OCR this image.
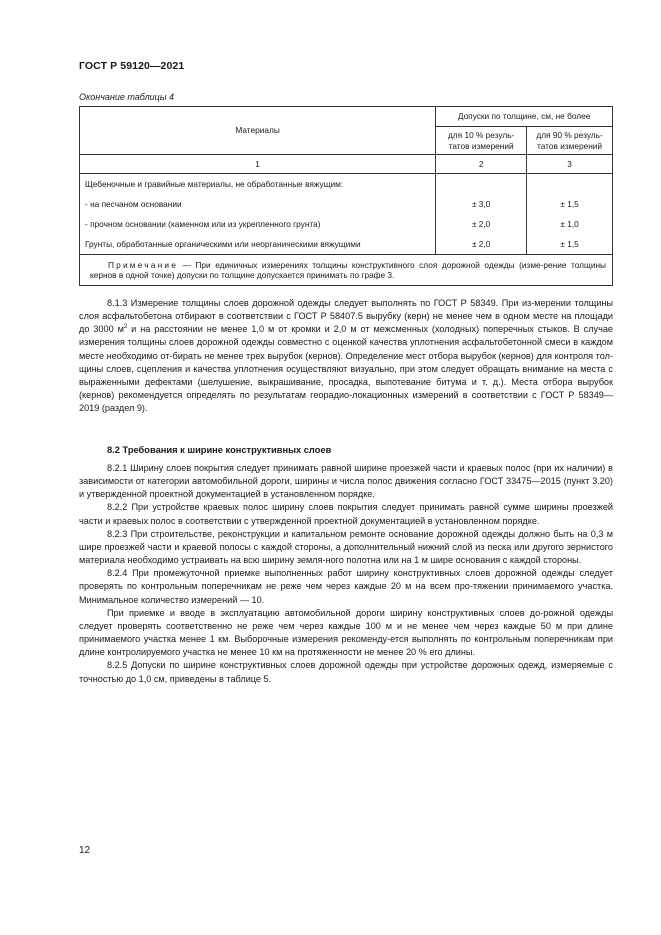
ГОСТ Р 59120—2021
Окончание таблицы 4
Материалы	Допуски по толщине, см, не более	
	для 10 % резуль-татов измерений	для 90 % резуль-татов измерений
1	2	3
Щебеночные и гравийные материалы, не обработанные вяжущим:		
- на песчаном основании	± 3,0	± 1,5
- прочном основании (каменном или из укрепленного грунта)	± 2,0	± 1,0
Грунты, обработанные органическими или неорганическими вяжущими	± 2,0	± 1,5
Примечание — При единичных измерениях толщины конструктивного слоя дорожной одежды (изме-рение толщины кернов в одной точке) допуски по толщине допускается принимать по графе 3.		

8.1.3 Измерение толщины слоев дорожной одежды следует выполнять по ГОСТ Р 58349. При из-мерении толщины слоя асфальтобетона отбирают в соответствии с ГОСТ Р 58407.5 вырубку (керн) не менее чем в одном месте на площади до 3000 $м^2$ и на расстоянии не менее 1,0 м от кромки и 2,0 м от межсменных (холодных) поперечных стыков. В случае измерения толщины слоев дорожной одежды совместно с оценкой качества уплотнения асфальтобетонной смеси в каждом месте необходимо от-бирать не менее трех вырубок (кернов). Определение мест отбора вырубок (кернов) для контроля тол-щины слоев, сцепления и качества уплотнения осуществляют визуально, при этом следует обращать внимание на места с выраженными дефектами (шелушение, выкрашивание, просадка, выпотевание битума и т. д.). Места отбора вырубок (кернов) рекомендуется определять по результатам георадио-локационных измерений в соответствии с ГОСТ Р 58349—2019 (раздел 9).

8.2 Требования к ширине конструктивных слоев

8.2.1 Ширину слоев покрытия следует принимать равной ширине проезжей части и краевых полос (при их наличии) в зависимости от категории автомобильной дороги, ширины и числа полос движения согласно ГОСТ 33475—2015 (пункт 3.20) и утвержденной проектной документацией в установленном порядке.

8.2.2 При устройстве краевых полос ширину слоев покрытия следует принимать равной сумме ширины проезжей части и краевых полос в соответствии с утвержденной проектной документацией в установленном порядке.

8.2.3 При строительстве, реконструкции и капитальном ремонте основание дорожной одежды должно быть на 0,3 м шире проезжей части и краевой полосы с каждой стороны, а дополнительный нижний слой из песка или другого зернистого материала необходимо устраивать на всю ширину земля-ного полотна или на 1 м шире основания с каждой стороны.

8.2.4 При промежуточной приемке выполненных работ ширину конструктивных слоев дорожной одежды следует проверять по контрольным поперечникам не реже чем через каждые 20 м на всем про-тяжении принимаемого участка. Минимальное количество измерений — 10.

При приемке и вводе в эксплуатацию автомобильной дороги ширину конструктивных слоев до-рожной одежды следует проверять соответственно не реже чем через каждые 100 м и не менее чем через каждые 50 м при длине принимаемого участка менее 1 км. Выборочные измерения рекоменду-ется выполнять по контрольным поперечникам при длине контролируемого участка не менее 10 км на протяженности не менее 20 % его длины.

8.2.5 Допуски по ширине конструктивных слоев дорожной одежды при устройстве дорожных одежд, измеряемые с точностью до 1,0 см, приведены в таблице 5.

12
